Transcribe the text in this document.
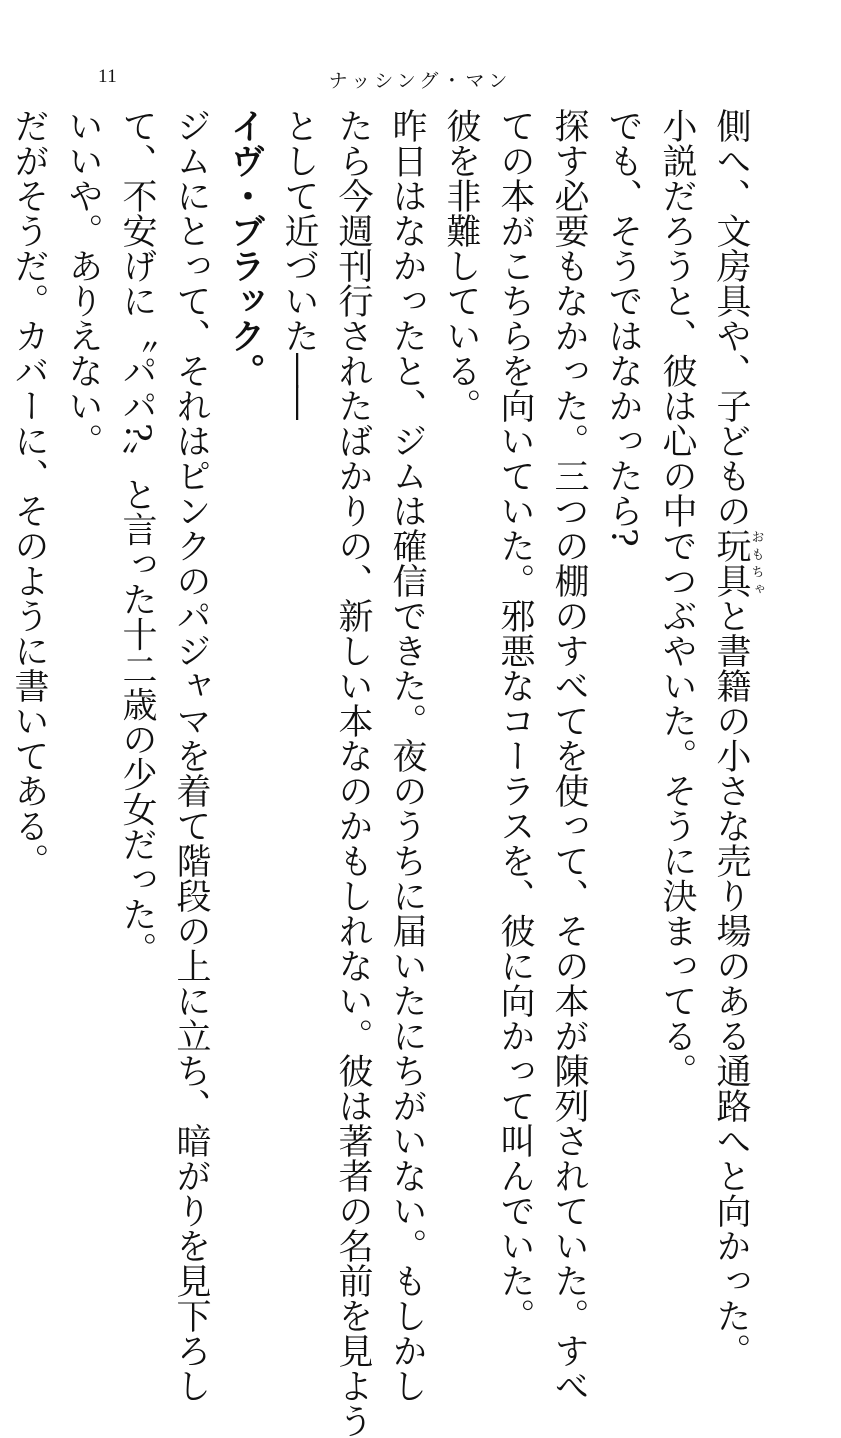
11	ナッシング・マン
側へ、文房具や、子どもの玩具おもちゃと書籍の小さな売り場のある通路へと向かった。
小説だろうと、彼は心の中でつぶやいた。そうに決まってる。
でも、そうではなかったら?
探す必要もなかった。三つの棚のすべてを使って、その本が陳列されていた。すべ
ての本がこちらを向いていた。邪悪なコーラスを、彼に向かって叫んでいた。
彼を非難している。
昨日はなかったと、ジムは確信できた。夜のうちに届いたにちがいない。もしかし
たら今週刊行されたばかりの、新しい本なのかもしれない。彼は著者の名前を見よう
として近づいた――
イヴ・ブラック。
ジムにとって、それはピンクのパジャマを着て階段の上に立ち、暗がりを見下ろし
て、不安げに〝パパ?〟と言った十二歳の少女だった。
いいや。ありえない。
だがそうだ。カバーに、そのように書いてある。
